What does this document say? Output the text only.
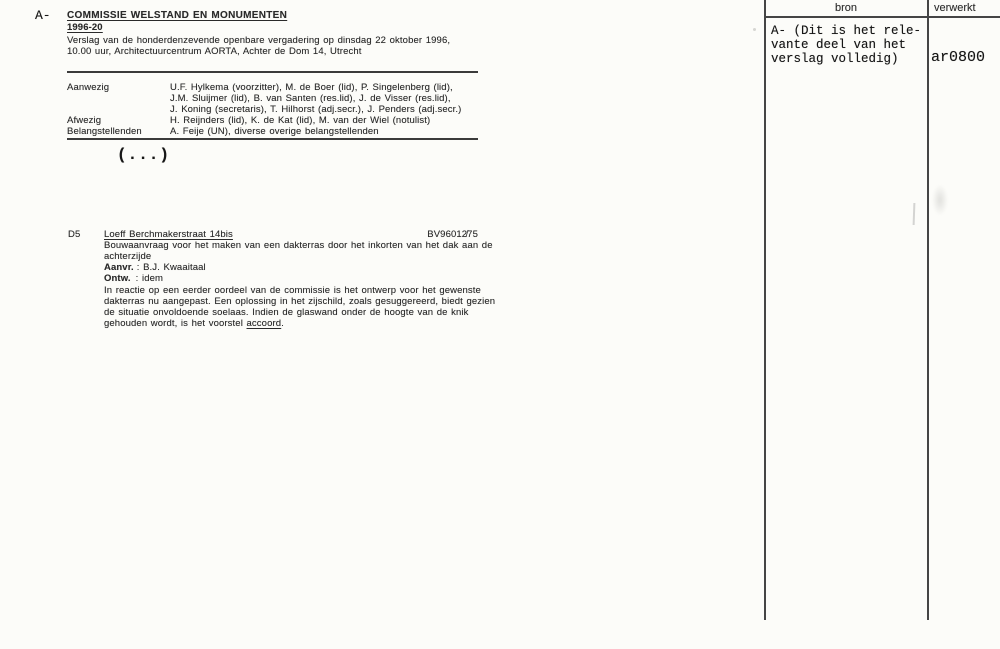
A- COMMISSIE WELSTAND EN MONUMENTEN
1996-20
Verslag van de honderdenzevende openbare vergadering op dinsdag 22 oktober 1996,
10.00 uur, Architectuurcentrum AORTA, Achter de Dom 14, Utrecht
Aanwezig	U.F. Hylkema (voorzitter), M. de Boer (lid), P. Singelenberg (lid),
J.M. Sluijmer (lid), B. van Santen (res.lid), J. de Visser (res.lid),
J. Koning (secretaris), T. Hilhorst (adj.secr.), J. Penders (adj.secr.)
Afwezig	H. Reijnders (lid), K. de Kat (lid), M. van der Wiel (notulist)
Belangstellenden	A. Feije (UN), diverse overige belangstellenden
(...)
D5 Loeff Berchmakerstraat 14bis	BV96012̸75
Bouwaanvraag voor het maken van een dakterras door het inkorten van het dak aan de
achterzijde
Aanvr. : B.J. Kwaaitaal
Ontw. : idem
In reactie op een eerder oordeel van de commissie is het ontwerp voor het gewenste
dakterras nu aangepast. Een oplossing in het zijschild, zoals gesuggereerd, biedt gezien
de situatie onvoldoende soelaas. Indien de glaswand onder de hoogte van de knik
gehouden wordt, is het voorstel accoord.
bron	verwerkt
A- (Dit is het rele-
vante deel van het
verslag volledig) ar0800
